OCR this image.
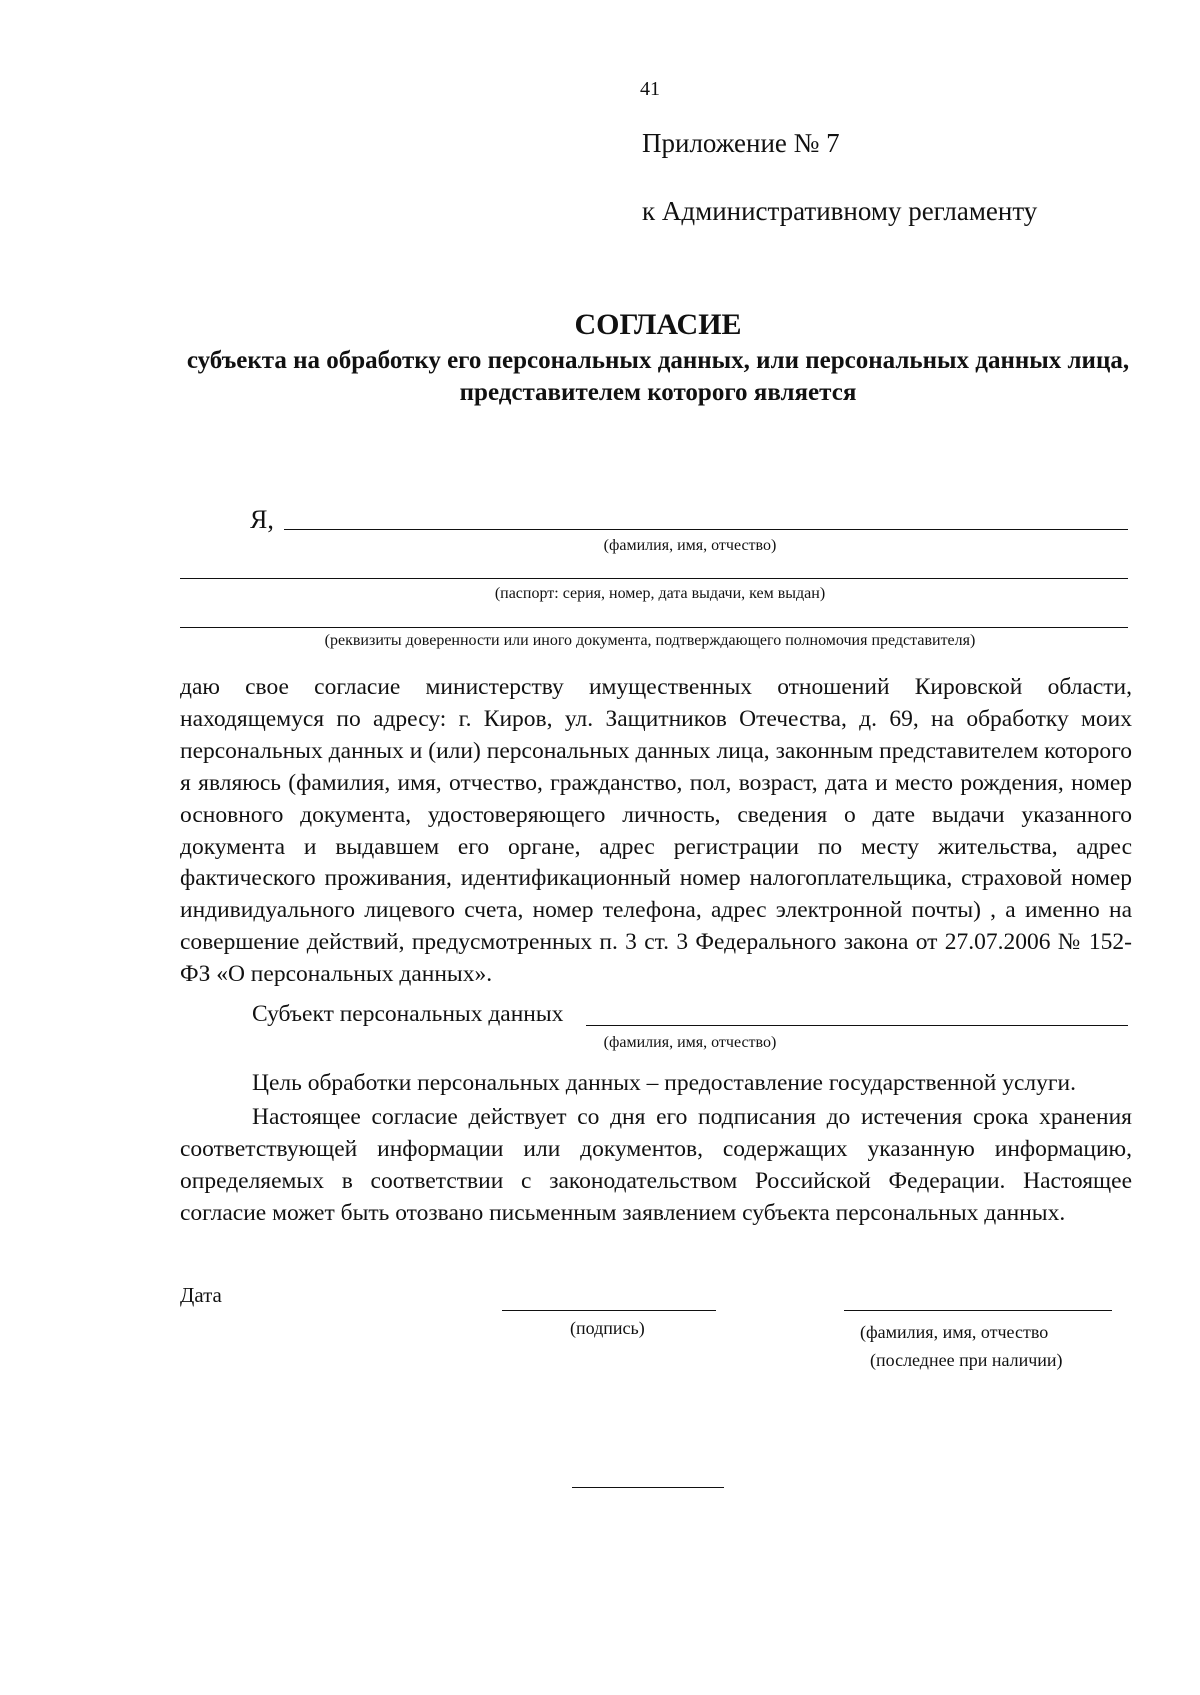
41
Приложение № 7
к Административному регламенту
СОГЛАСИЕ
субъекта на обработку его персональных данных, или персональных данных лица, представителем которого является
Я,
(фамилия, имя, отчество)
(паспорт: серия, номер, дата выдачи, кем выдан)
(реквизиты доверенности или иного документа, подтверждающего полномочия представителя)

даю свое согласие министерству имущественных отношений Кировской области, находящемуся по адресу: г. Киров, ул. Защитников Отечества, д. 69, на обработку моих персональных данных и (или) персональных данных лица, законным представителем которого я являюсь (фамилия, имя, отчество, гражданство, пол, возраст, дата и место рождения, номер основного документа, удостоверяющего личность, сведения о дате выдачи указанного документа и выдавшем его органе, адрес регистрации по месту жительства, адрес фактического проживания, идентификационный номер налогоплательщика, страховой номер индивидуального лицевого счета, номер телефона, адрес электронной почты) , а именно на совершение действий, предусмотренных п. 3 ст. 3 Федерального закона от 27.07.2006 № 152-ФЗ «О персональных данных».

Субъект персональных данных
(фамилия, имя, отчество)
Цель обработки персональных данных – предоставление государственной услуги.

Настоящее согласие действует со дня его подписания до истечения срока хранения соответствующей информации или документов, содержащих указанную информацию, определяемых в соответствии с законодательством Российской Федерации. Настоящее согласие может быть отозвано письменным заявлением субъекта персональных данных.

Дата
(подпись)	(фамилия, имя, отчество
(последнее при наличии)
